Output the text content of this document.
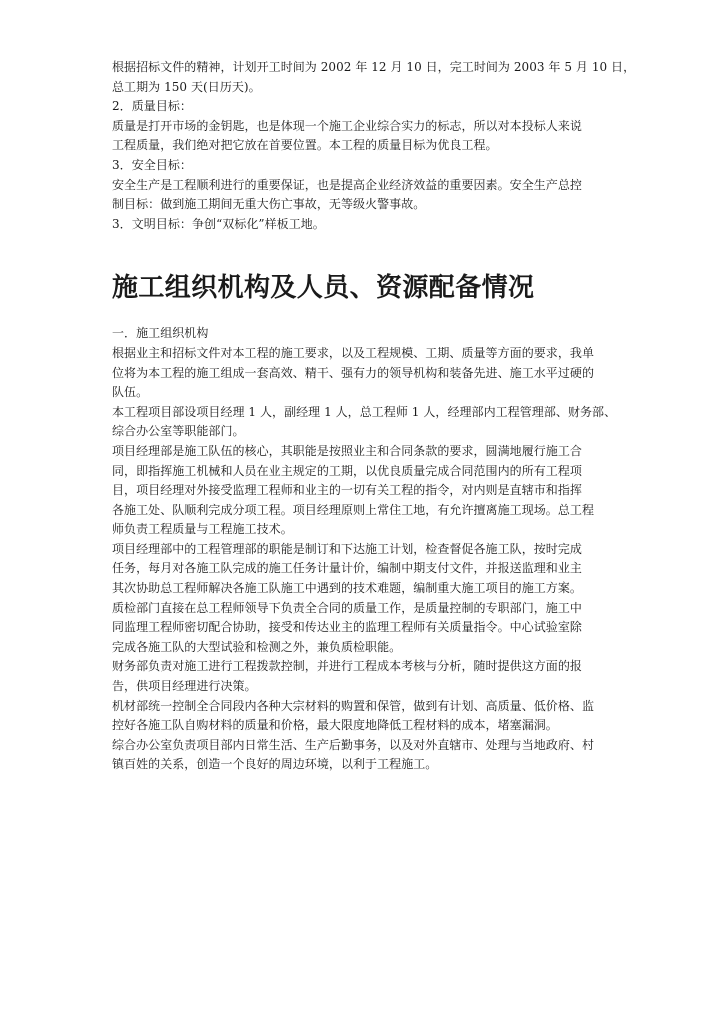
根据招标文件的精神，计划开工时间为 2002 年 12 月 10 日，完工时间为 2003 年 5 月 10 日，

总工期为 150 天(日历天)。

2．质量目标：

质量是打开市场的金钥匙，也是体现一个施工企业综合实力的标志，所以对本投标人来说

工程质量，我们绝对把它放在首要位置。本工程的质量目标为优良工程。

3．安全目标：

安全生产是工程顺利进行的重要保证，也是提高企业经济效益的重要因素。安全生产总控

制目标：做到施工期间无重大伤亡事故，无等级火警事故。

3．文明目标：争创“双标化”样板工地。

施工组织机构及人员、资源配备情况

一．施工组织机构

根据业主和招标文件对本工程的施工要求，以及工程规模、工期、质量等方面的要求，我单

位将为本工程的施工组成一套高效、精干、强有力的领导机构和装备先进、施工水平过硬的

队伍。

本工程项目部设项目经理 1 人，副经理 1 人，总工程师 1 人，经理部内工程管理部、财务部、

综合办公室等职能部门。

项目经理部是施工队伍的核心，其职能是按照业主和合同条款的要求，圆满地履行施工合

同，即指挥施工机械和人员在业主规定的工期，以优良质量完成合同范围内的所有工程项

目，项目经理对外接受监理工程师和业主的一切有关工程的指令，对内则是直辖市和指挥

各施工处、队顺利完成分项工程。项目经理原则上常住工地，有允许擅离施工现场。总工程

师负责工程质量与工程施工技术。

项目经理部中的工程管理部的职能是制订和下达施工计划，检查督促各施工队，按时完成

任务，每月对各施工队完成的施工任务计量计价，编制中期支付文件，并报送监理和业主

其次协助总工程师解决各施工队施工中遇到的技术难题，编制重大施工项目的施工方案。

质检部门直接在总工程师领导下负责全合同的质量工作，是质量控制的专职部门，施工中

同监理工程师密切配合协助，接受和传达业主的监理工程师有关质量指令。中心试验室除

完成各施工队的大型试验和检测之外，兼负质检职能。

财务部负责对施工进行工程拨款控制，并进行工程成本考核与分析，随时提供这方面的报

告，供项目经理进行决策。

机材部统一控制全合同段内各种大宗材料的购置和保管，做到有计划、高质量、低价格、监

控好各施工队自购材料的质量和价格，最大限度地降低工程材料的成本，堵塞漏洞。

综合办公室负责项目部内日常生活、生产后勤事务，以及对外直辖市、处理与当地政府、村

镇百姓的关系，创造一个良好的周边环境，以利于工程施工。
